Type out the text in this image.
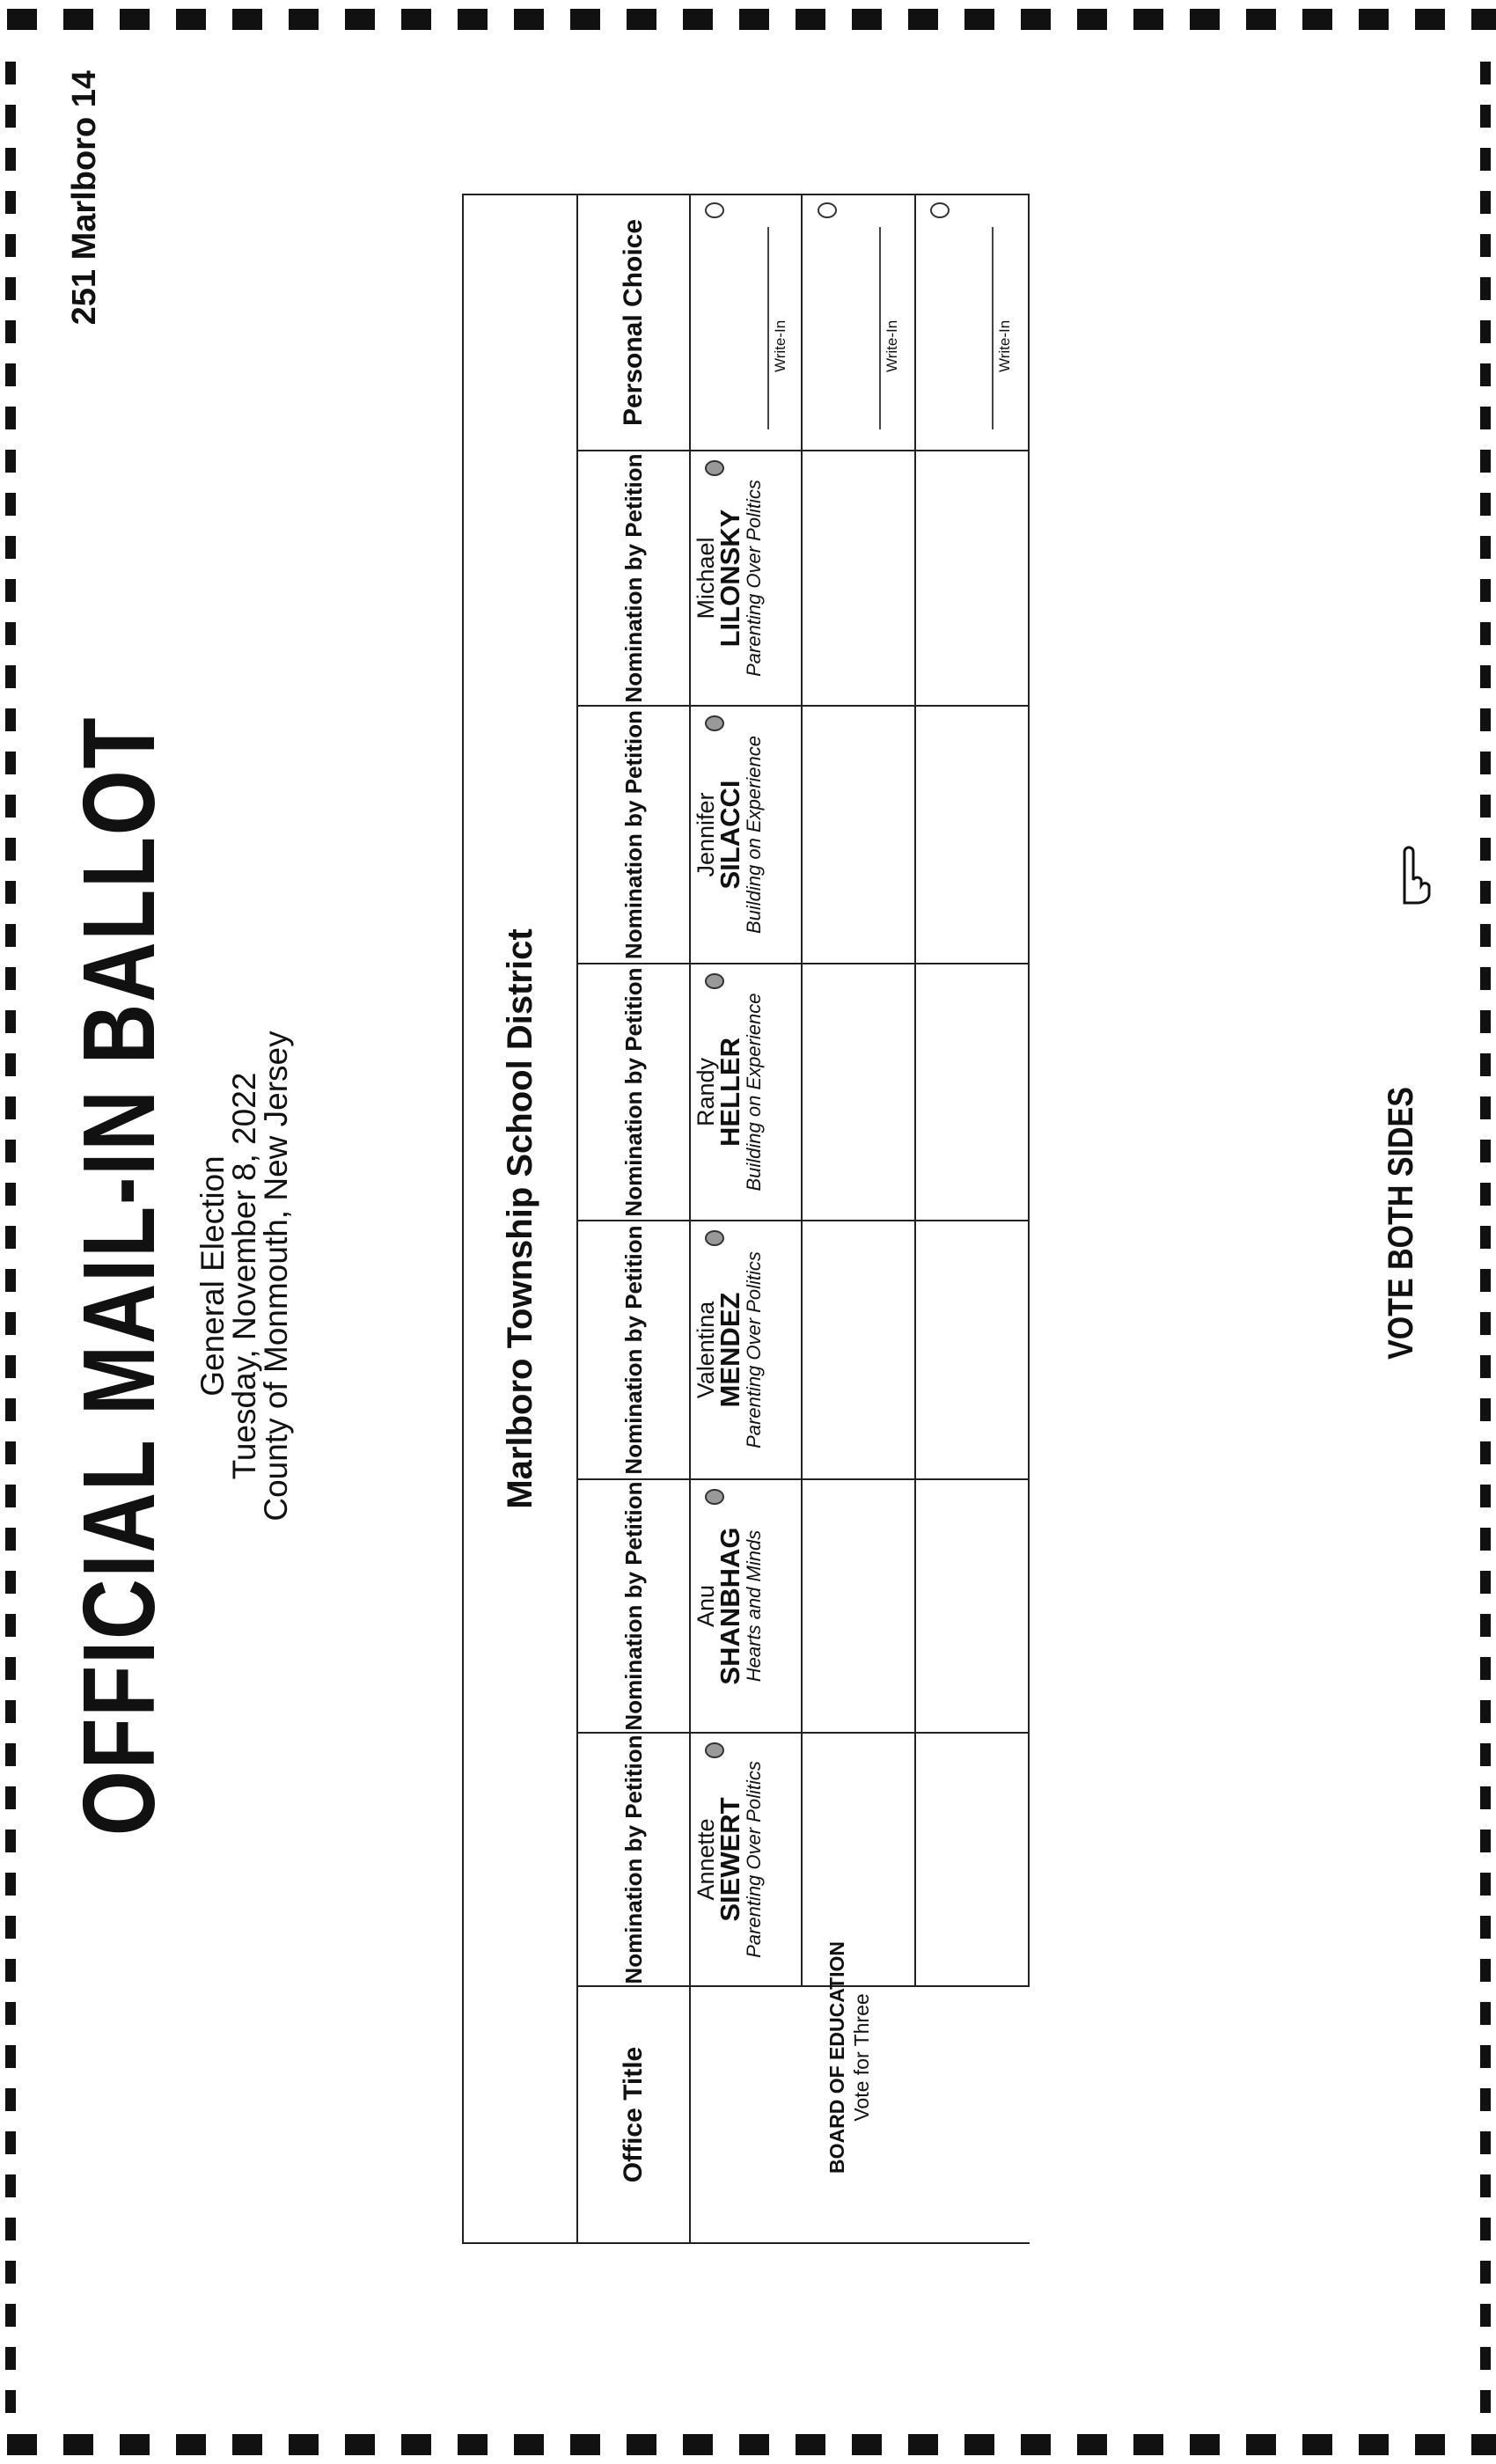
OFFICIAL MAIL-IN BALLOT General Election
Tuesday, November 8, 2022
County of Monmouth, New Jersey
251 Marlboro 14
Marlboro Township School District
Office Title
Nomination by Petition
Nomination by Petition
Nomination by Petition
Nomination by Petition
Nomination by Petition
Nomination by Petition
Personal Choice
BOARD OF EDUCATION Vote for Three
Annette
SIEWERT
Parenting Over Politics
Anu
SHANBHAG
Hearts and Minds
Valentina
MENDEZ
Parenting Over Politics
Randy
HELLER
Building on Experience
Jennifer
SILACCI
Building on Experience
Michael
LILONSKY
Parenting Over Politics
Write-In	Write-In	Write-In
VOTE BOTH SIDES
